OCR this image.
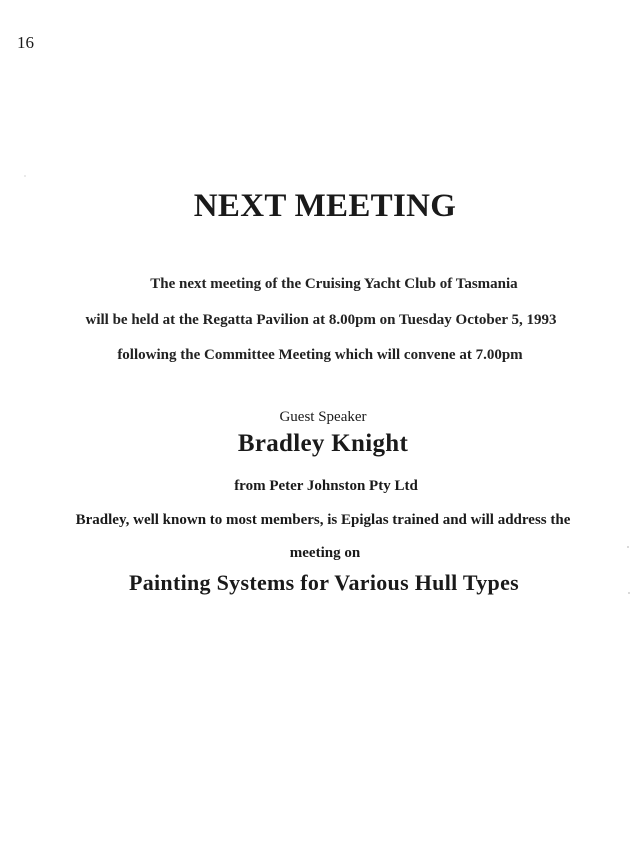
16
NEXT MEETING
The next meeting of the Cruising Yacht Club of Tasmania
will be held at the Regatta Pavilion at 8.00pm on Tuesday October 5, 1993
following the Committee Meeting which will convene at 7.00pm
Guest Speaker
Bradley Knight
from Peter Johnston Pty Ltd
Bradley, well known to most members, is Epiglas trained and will address the
meeting on
Painting Systems for Various Hull Types
